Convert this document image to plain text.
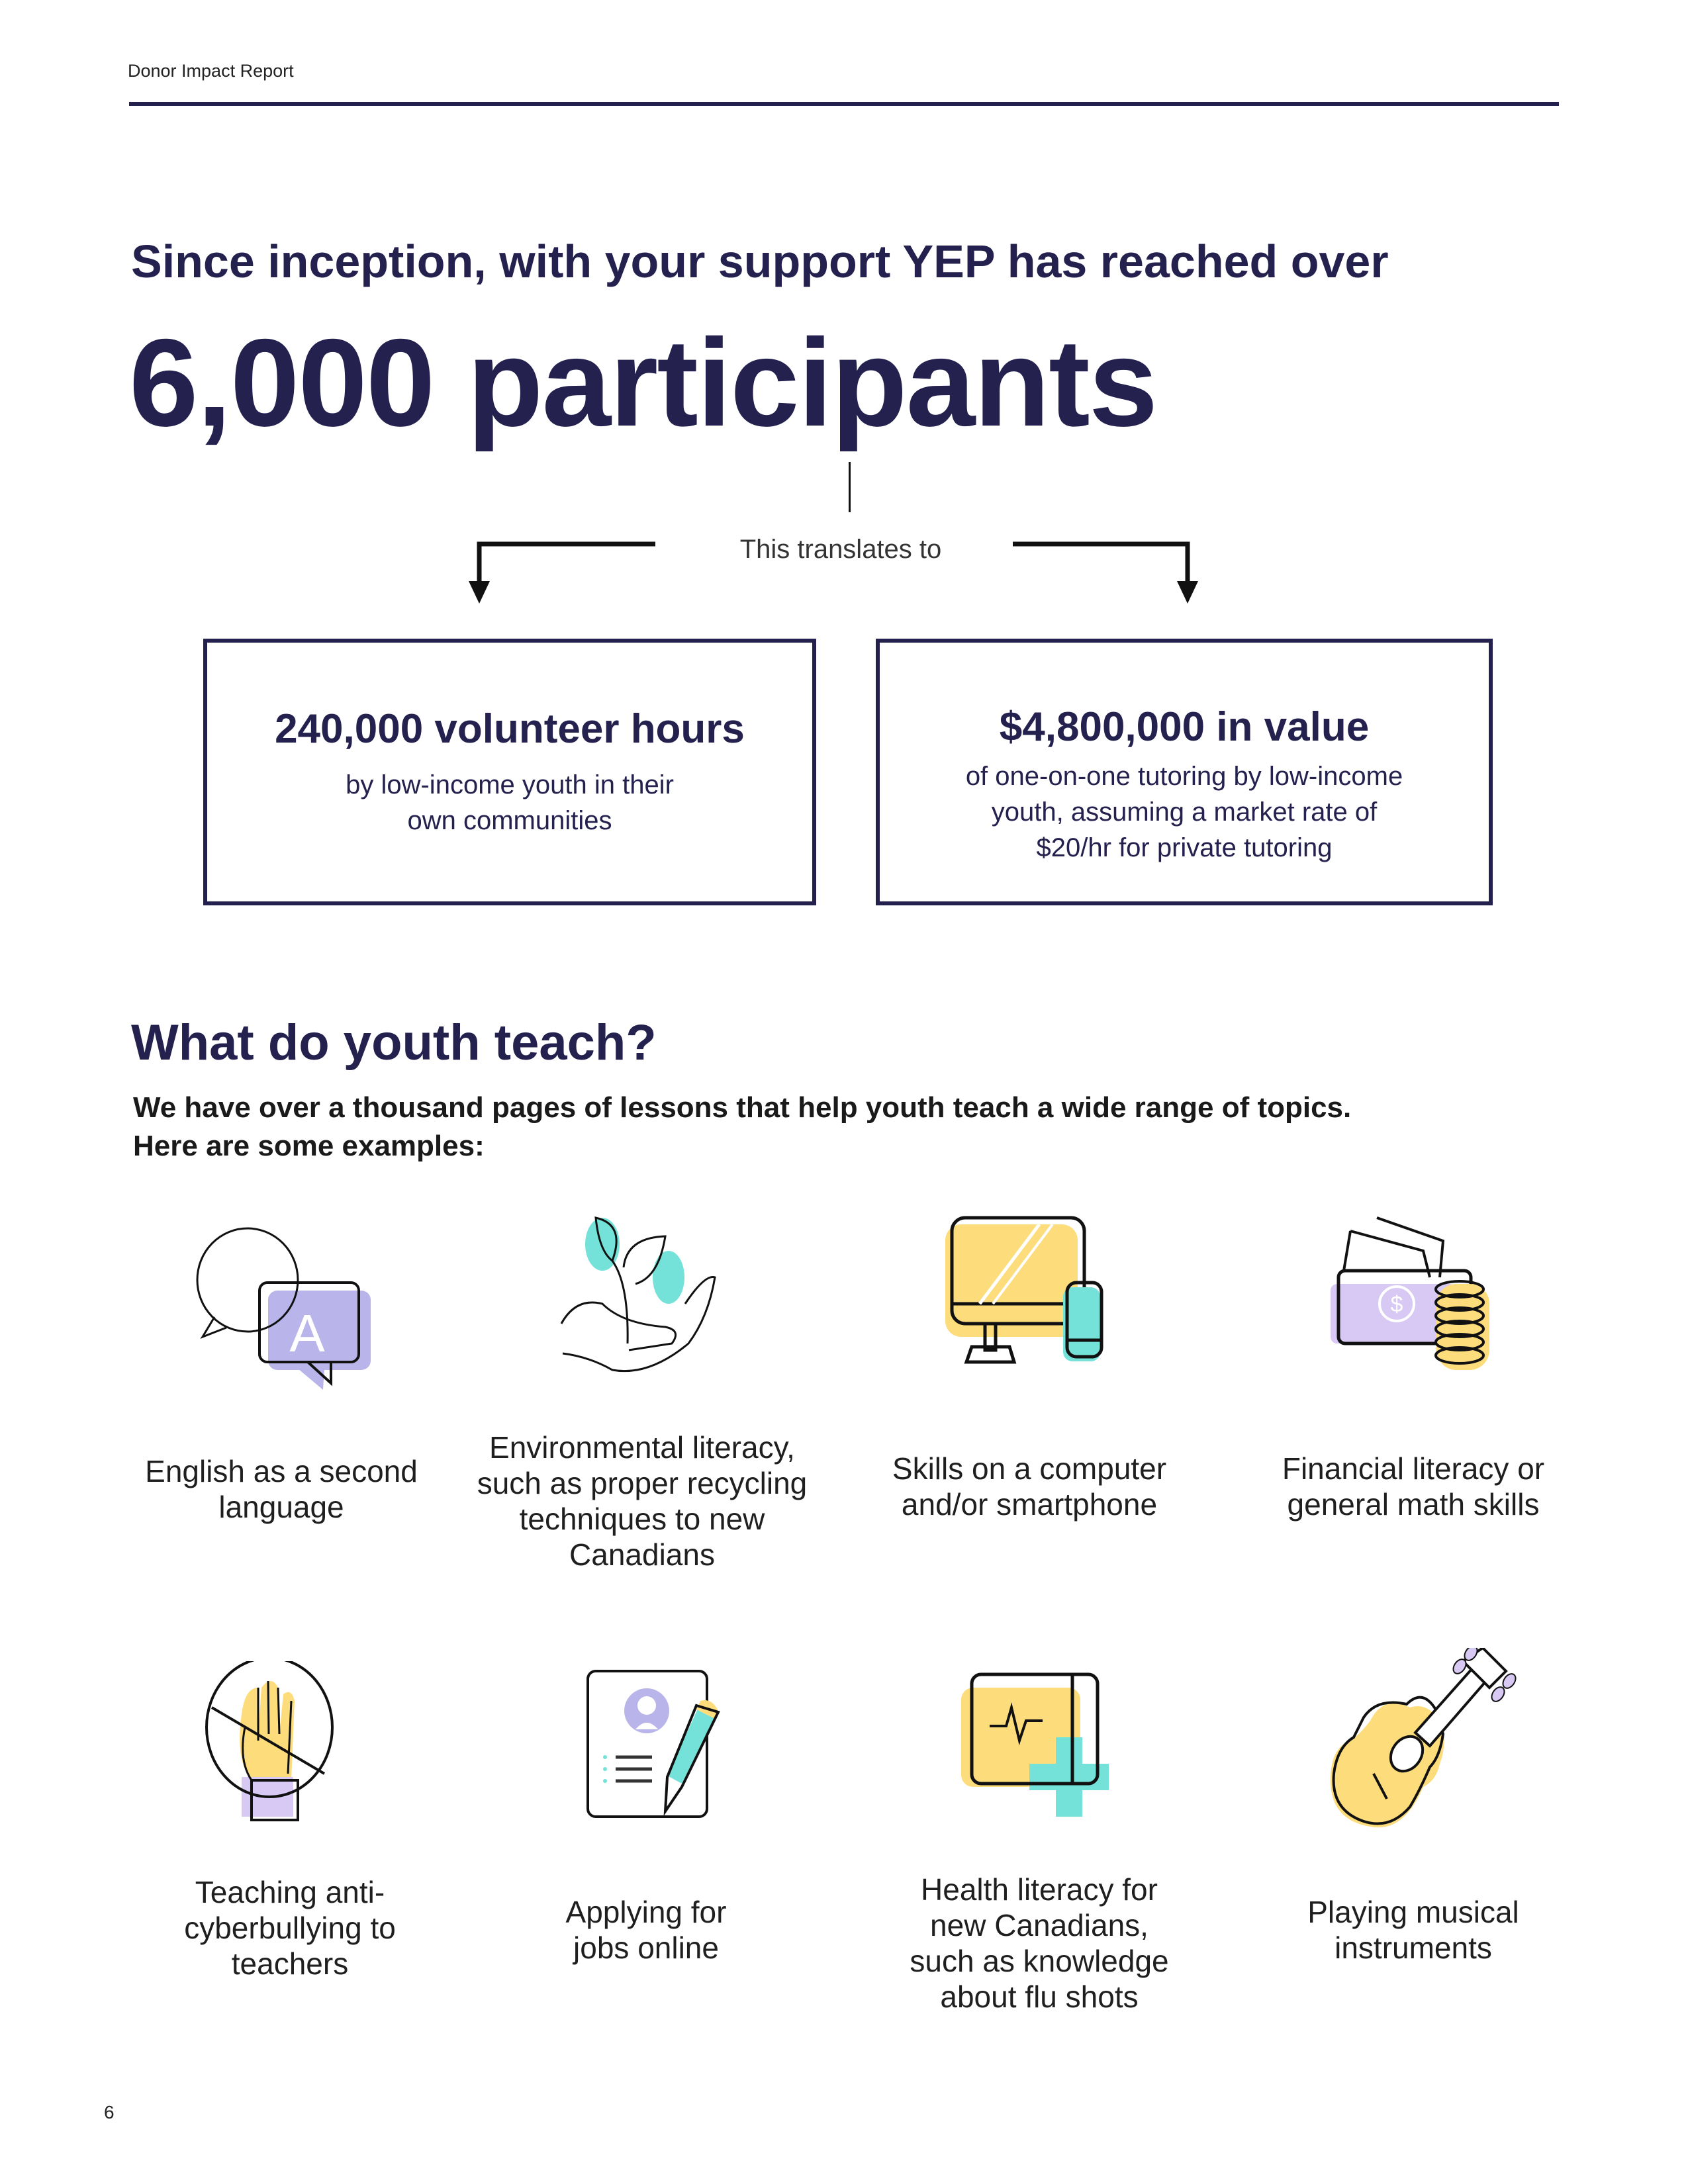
Donor Impact Report
Since inception, with your support YEP has reached over
6,000 participants
This translates to
240,000 volunteer hours
by low-income youth in their own communities
$4,800,000 in value
of one-on-one tutoring by low-income youth, assuming a market rate of $20/hr for private tutoring
What do youth teach?
We have over a thousand pages of lessons that help youth teach a wide range of topics.
Here are some examples:
A	$
English as a second language
Environmental literacy, such as proper recycling techniques to new Canadians
Skills on a computer and/or smartphone
Financial literacy or general math skills
Teaching anti-cyberbullying to teachers
Applying for jobs online
Health literacy for new Canadians, such as knowledge about flu shots
Playing musical instruments
6
